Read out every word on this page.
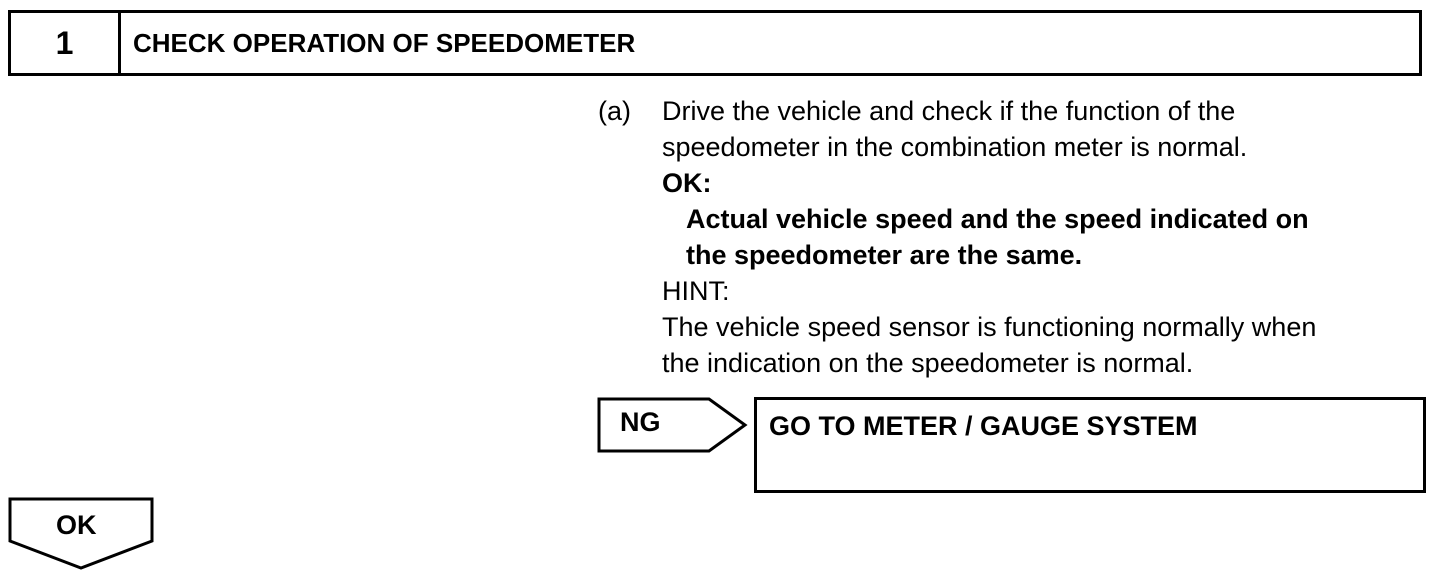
1	CHECK OPERATION OF SPEEDOMETER
(a) Drive the vehicle and check if the function of the
speedometer in the combination meter is normal.
OK:
Actual vehicle speed and the speed indicated on
the speedometer are the same.
HINT:
The vehicle speed sensor is functioning normally when
the indication on the speedometer is normal.
NG	GO TO METER / GAUGE SYSTEM
OK
